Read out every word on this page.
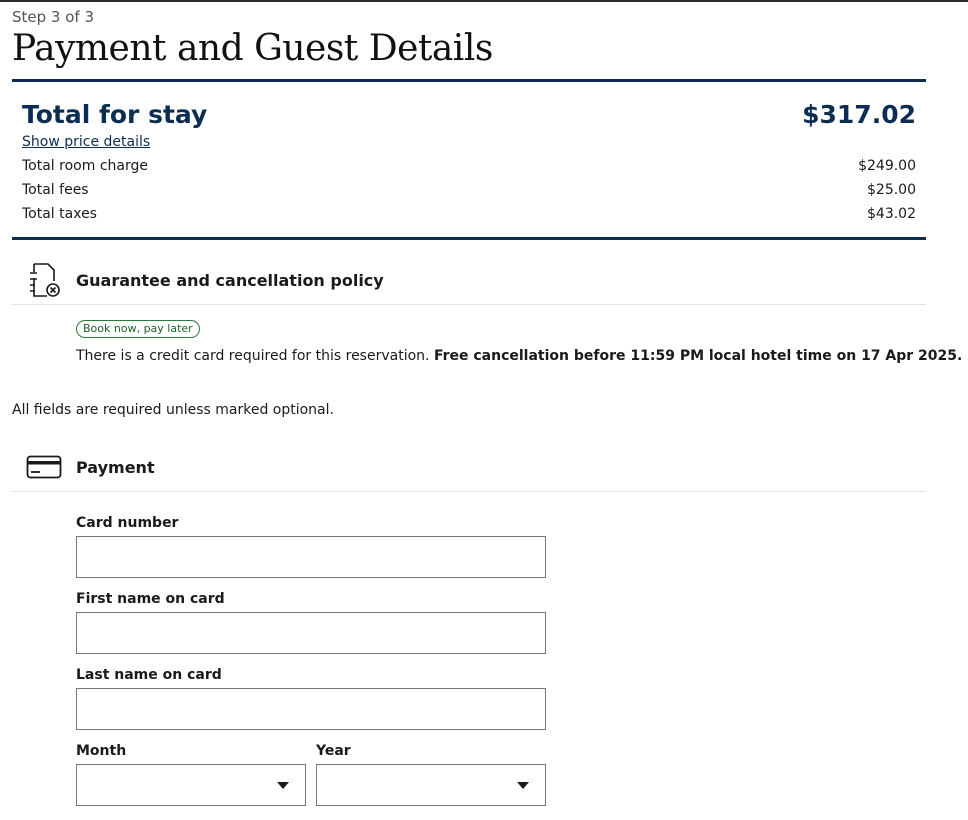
Step 3 of 3
Payment and Guest Details
Total for stay	$317.02
Show price details
Total room charge	$249.00
Total fees	$25.00
Total taxes	$43.02
Guarantee and cancellation policy
Book now, pay later
There is a credit card required for this reservation. Free cancellation before 11:59 PM local hotel time on 17 Apr 2025.
All fields are required unless marked optional.
Payment
Card number
First name on card
Last name on card
Month	Year
